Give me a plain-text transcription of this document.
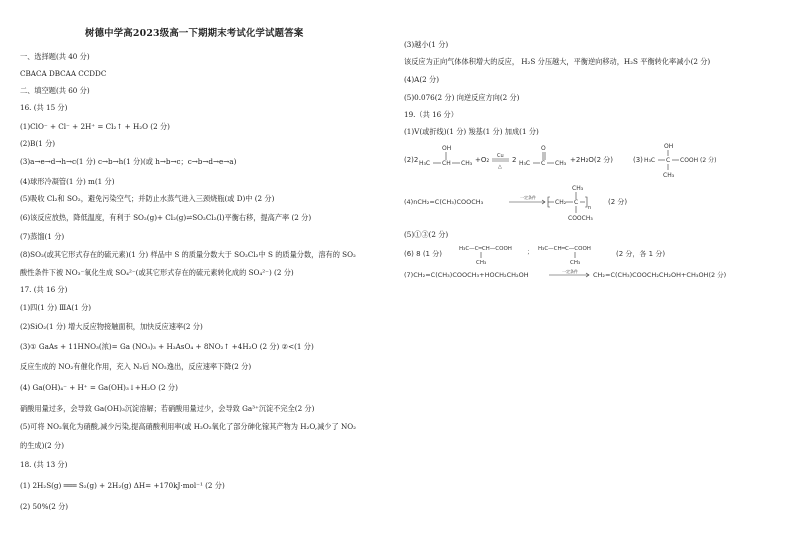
树德中学高2023级高一下期期末考试化学试题答案
一、选择题(共 40 分)
CBACA DBCAA CCDDC
二、填空题(共 60 分)
16. (共 15 分)
(1)ClO⁻ + Cl⁻ + 2H⁺ = Cl₂↑ + H₂O (2 分)
(2)B(1 分)
(3)a→e→d→h→c(1 分) c→b→h(1 分)(或 h→b→c；c→b→d→e→a)
(4)球形冷凝管(1 分) m(1 分)
(5)吸收 Cl₂和 SO₂，避免污染空气；并防止水蒸气进入三颈烧瓶(或 D)中 (2 分)
(6)该反应放热，降低温度，有利于 SO₂(g)+ Cl₂(g)⇌SO₂Cl₂(l)平衡右移，提高产率 (2 分)
(7)蒸馏(1 分)
(8)SO₂(或其它形式存在的硫元素)(1 分) 样品中 S 的质量分数大于 SO₂Cl₂中 S 的质量分数，溶有的 SO₂
酸性条件下被 NO₃⁻氧化生成 SO₄²⁻(或其它形式存在的硫元素转化成的 SO₄²⁻) (2 分)
17. (共 16 分)
(1)四(1 分) ⅢA(1 分)
(2)SiO₂(1 分) 增大反应物接触面积，加快反应速率(2 分)
(3)① GaAs + 11HNO₃(浓)= Ga (NO₃)₃ + H₃AsO₄ + 8NO₂↑ +4H₂O (2 分) ②<(1 分)
反应生成的 NO₂有催化作用，充入 N₂后 NO₂逸出，反应速率下降(2 分)
(4) Ga(OH)₄⁻ + H⁺ = Ga(OH)₃↓+H₂O (2 分)
硝酸用量过多，会导致 Ga(OH)₃沉淀溶解；若硝酸用量过少，会导致 Ga³⁺沉淀不完全(2 分)
(5)可将 NO₂氧化为硝酸,减少污染,提高硝酸利用率(或 H₂O₂氧化了部分砷化镓其产物为 H₂O,减少了 NO₂
的生成)(2 分)
18. (共 13 分)
(1) 2H₂S(g) ═══ S₂(g) + 2H₂(g) ΔH= +170kJ·mol⁻¹ (2 分)
(2) 50%(2 分)
(3)越小(1 分)
该反应为正向气体体积增大的反应， H₂S 分压越大，平衡逆向移动，H₂S 平衡转化率减小(2 分)
(4)A(2 分)
(5)0.076(2 分) 向逆反应方向(2 分)
19.（共 16 分）
(1)V(或折线)(1 分) 羧基(1 分) 加成(1 分)
(2)2 H₃C CH CH₃
OH
+O₂ Cu
△
2 H₃C C CH₃
O
+2H₂O(2 分)	(3) H₃C C COOH (2 分)
OH
CH₃
(4)nCH₂=C(CH₃)COOCH₃
一定条件
CH₂ C
n
CH₃
COOCH₃
(2 分)
(5)①③(2 分)
(6) 8 (1 分)
H₃C—C═CH—COOH
CH₃
； H₃C—CH═C—COOH
CH₃
(2 分，各 1 分)
(7)CH₂=C(CH₃)COOCH₃+HOCH₂CH₂OH	一定条件 CH₂=C(CH₃)COOCH₂CH₂OH+CH₃OH(2 分)
